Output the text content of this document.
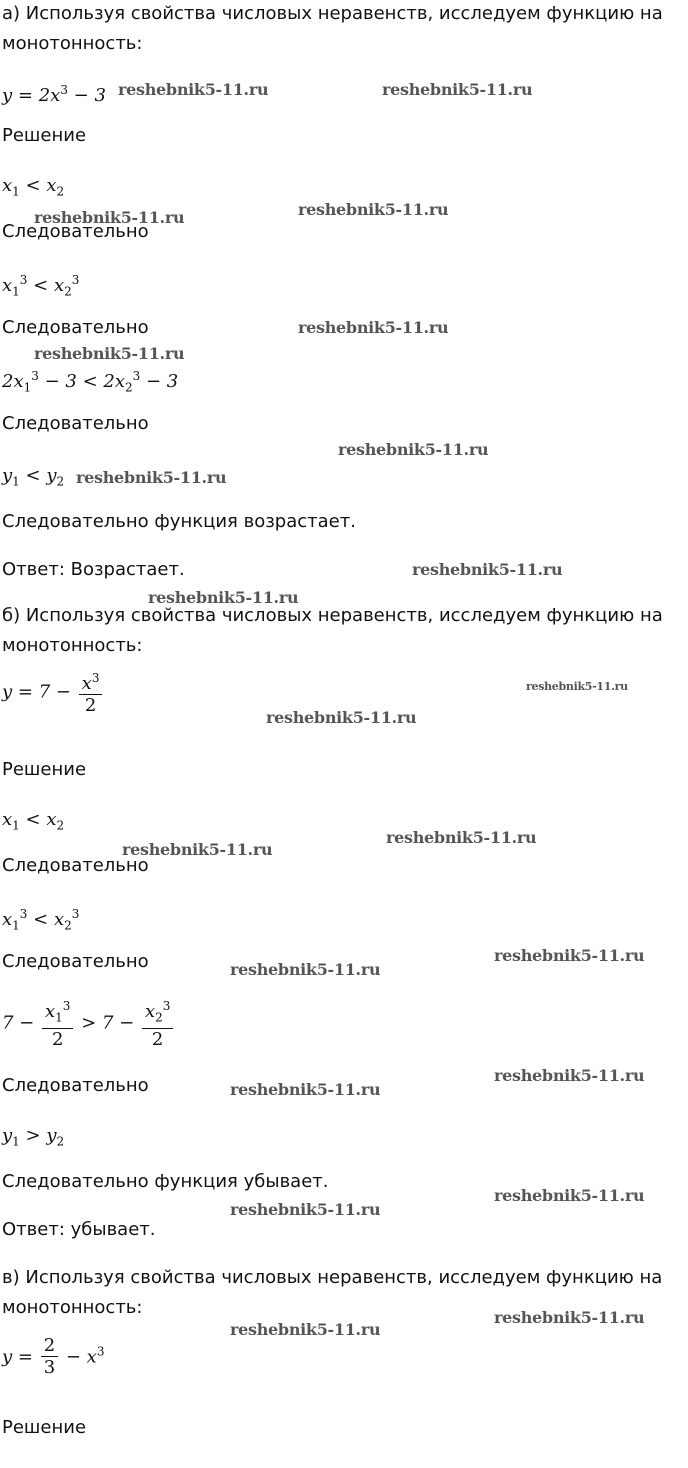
а) Используя свойства числовых неравенств, исследуем функцию на
монотонность:
$y = 2x^3 - 3$
Решение
$x_1 < x_2$
Следовательно
$x_1^3 < x_2^3$
Следовательно
$2x_1^3 - 3 < 2x_2^3 - 3$
Следовательно
$y_1 < y_2$
Следовательно функция возрастает.
Ответ: Возрастает.
б) Используя свойства числовых неравенств, исследуем функцию на
монотонность:
$y = 7 - \frac{x^3}{2}$
Решение
$x_1 < x_2$
Следовательно
$x_1^3 < x_2^3$
Следовательно
$7 - \frac{x_1^3}{2} > 7 - \frac{x_2^3}{2}$
Следовательно
$y_1 > y_2$
Следовательно функция убывает.
Ответ: убывает.
в) Используя свойства числовых неравенств, исследуем функцию на
монотонность:
$y = \frac{2}{3} - x^3$
Решение
reshebnik5-11.ru	reshebnik5-11.ru
reshebnik5-11.ru	reshebnik5-11.ru
reshebnik5-11.ru
reshebnik5-11.ru
reshebnik5-11.ru
reshebnik5-11.ru
reshebnik5-11.ru
reshebnik5-11.ru
reshebnik5-11.ru
reshebnik5-11.ru
reshebnik5-11.ru
reshebnik5-11.ru
reshebnik5-11.ru
reshebnik5-11.ru
reshebnik5-11.ru
reshebnik5-11.ru
reshebnik5-11.ru
reshebnik5-11.ru
reshebnik5-11.ru
reshebnik5-11.ru
